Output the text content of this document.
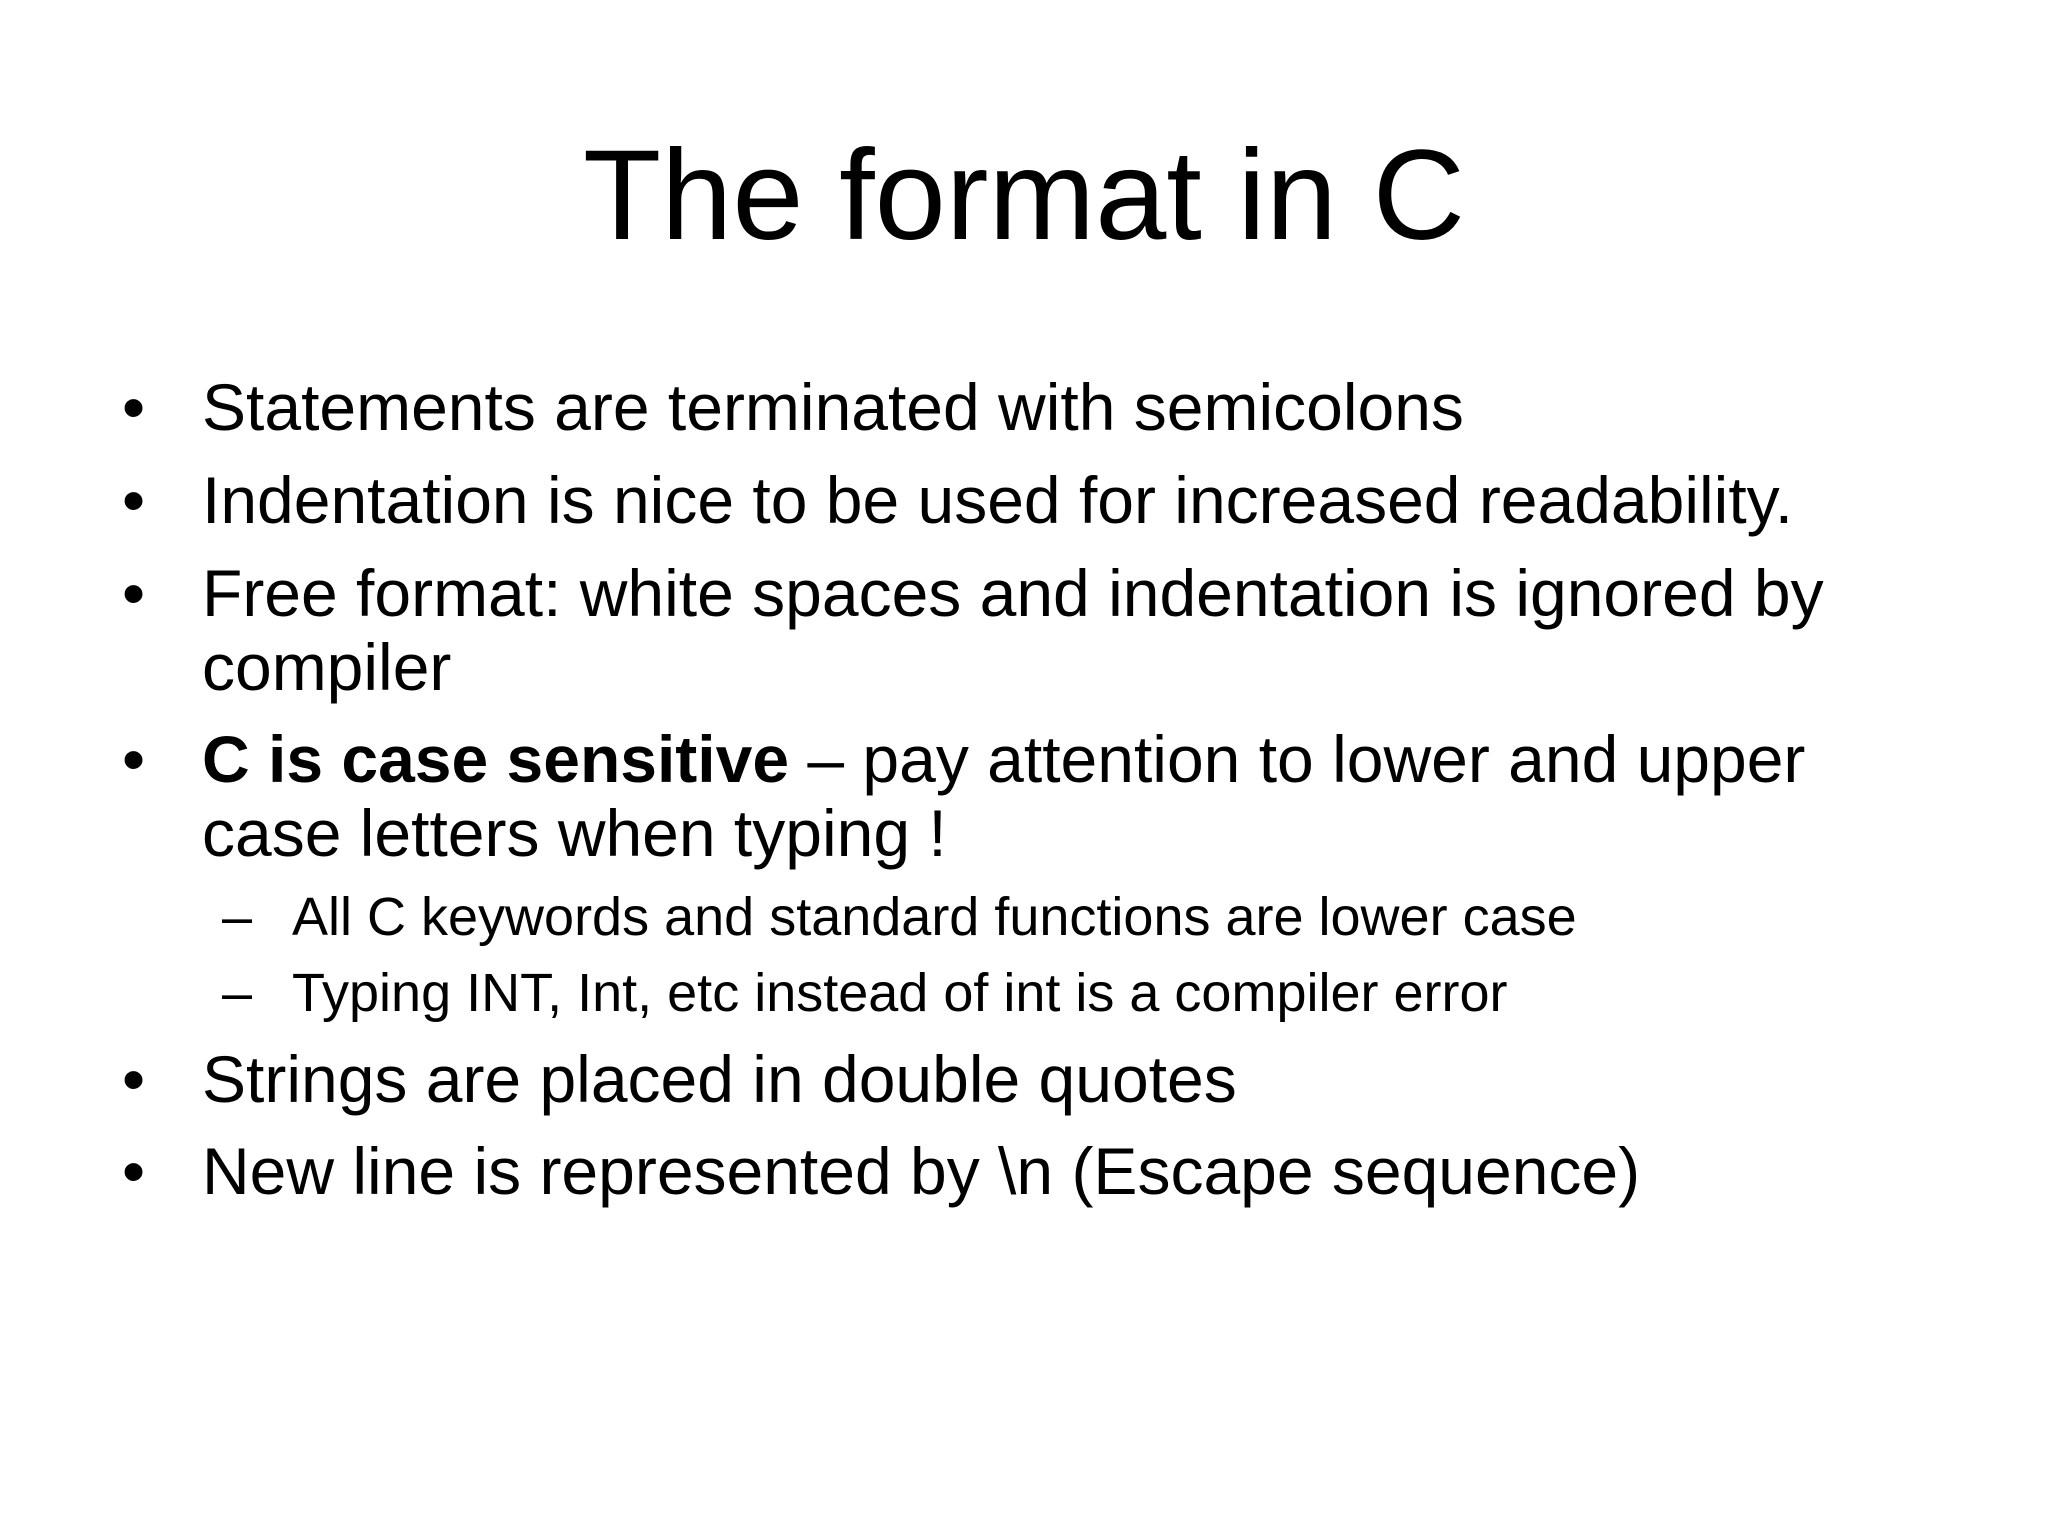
The format in C
• Statements are terminated with semicolons
• Indentation is nice to be used for increased readability.
• Free format: white spaces and indentation is ignored by
compiler
• C is case sensitive – pay attention to lower and upper
case letters when typing !
– All C keywords and standard functions are lower case
– Typing INT, Int, etc instead of int is a compiler error
• Strings are placed in double quotes
• New line is represented by \n (Escape sequence)
